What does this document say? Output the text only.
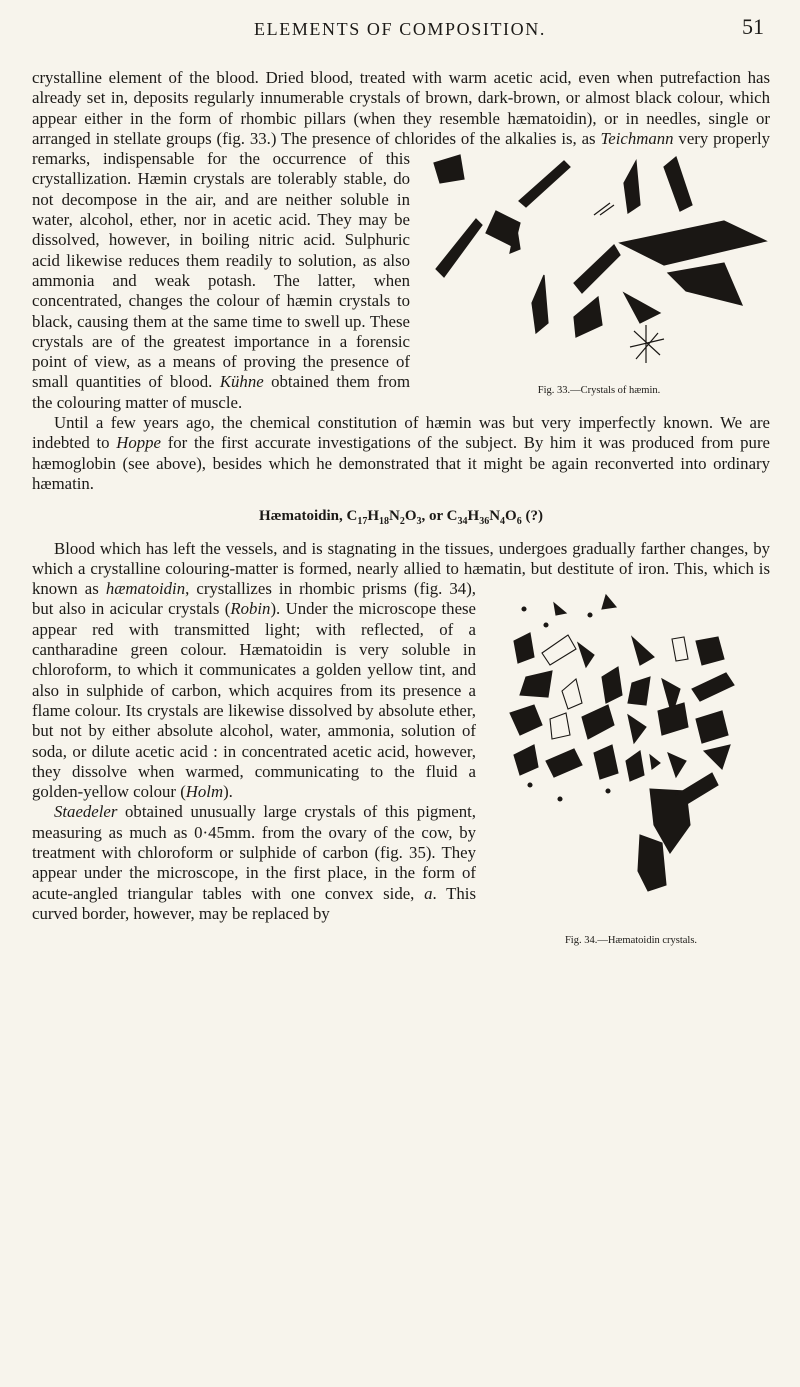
ELEMENTS OF COMPOSITION.	51

crystalline element of the blood. Dried blood, treated with warm acetic acid, even when putrefaction has already set in, deposits regularly innumerable crystals of brown, dark-brown, or almost black colour, which appear either in the form of rhombic pillars (when they resemble hæmatoidin), or in needles, single or arranged in stellate groups (fig. 33.) The presence of chlorides of the alkalies is, as
Fig. 33.—Crystals of hæmin.
Teichmann very properly remarks, indispensable for the occurrence of this crystallization. Hæmin crystals are tolerably stable, do not decompose in the air, and are neither soluble in water, alcohol, ether, nor in acetic acid. They may be dissolved, however, in boiling nitric acid. Sulphuric acid likewise reduces them readily to solution, as also ammonia and weak potash. The latter, when concentrated, changes the colour of hæmin crystals to black, causing them at the same time to swell up. These crystals are of the greatest importance in a forensic point of view, as a means of proving the presence of small quantities of blood. Kühne obtained them from the colouring matter of muscle.

Until a few years ago, the chemical constitution of hæmin was but very imperfectly known. We are indebted to Hoppe for the first accurate investigations of the subject. By him it was produced from pure hæmoglobin (see above), besides which he demonstrated that it might be again reconverted into ordinary hæmatin.

Hæmatoidin, $C_{17}H_{18}N_2O_3$, or $C_{34}H_{36}N_4O_6$ (?)

Blood which has left the vessels, and is stagnating in the tissues, undergoes gradually farther changes, by which a crystalline colouring-matter is formed, nearly allied to hæmatin, but destitute of iron. This, which is known as
Fig. 34.—Hæmatoidin crystals.
hæmatoidin, crystallizes in rhombic prisms (fig. 34), but also in acicular crystals (Robin). Under the microscope these appear red with transmitted light; with reflected, of a cantharadine green colour. Hæmatoidin is very soluble in chloroform, to which it communicates a golden yellow tint, and also in sulphide of carbon, which acquires from its presence a flame colour. Its crystals are likewise dissolved by absolute ether, but not by either absolute alcohol, water, ammonia, solution of soda, or dilute acetic acid : in concentrated acetic acid, however, they dissolve when warmed, communicating to the fluid a golden-yellow colour (Holm).

Staedeler obtained unusually large crystals of this pigment, measuring as much as 0·45mm. from the ovary of the cow, by treatment with chloroform or sulphide of carbon (fig. 35). They appear under the microscope, in the first place, in the form of acute-angled triangular tables with one convex side, a. This curved border, however, may be replaced by
